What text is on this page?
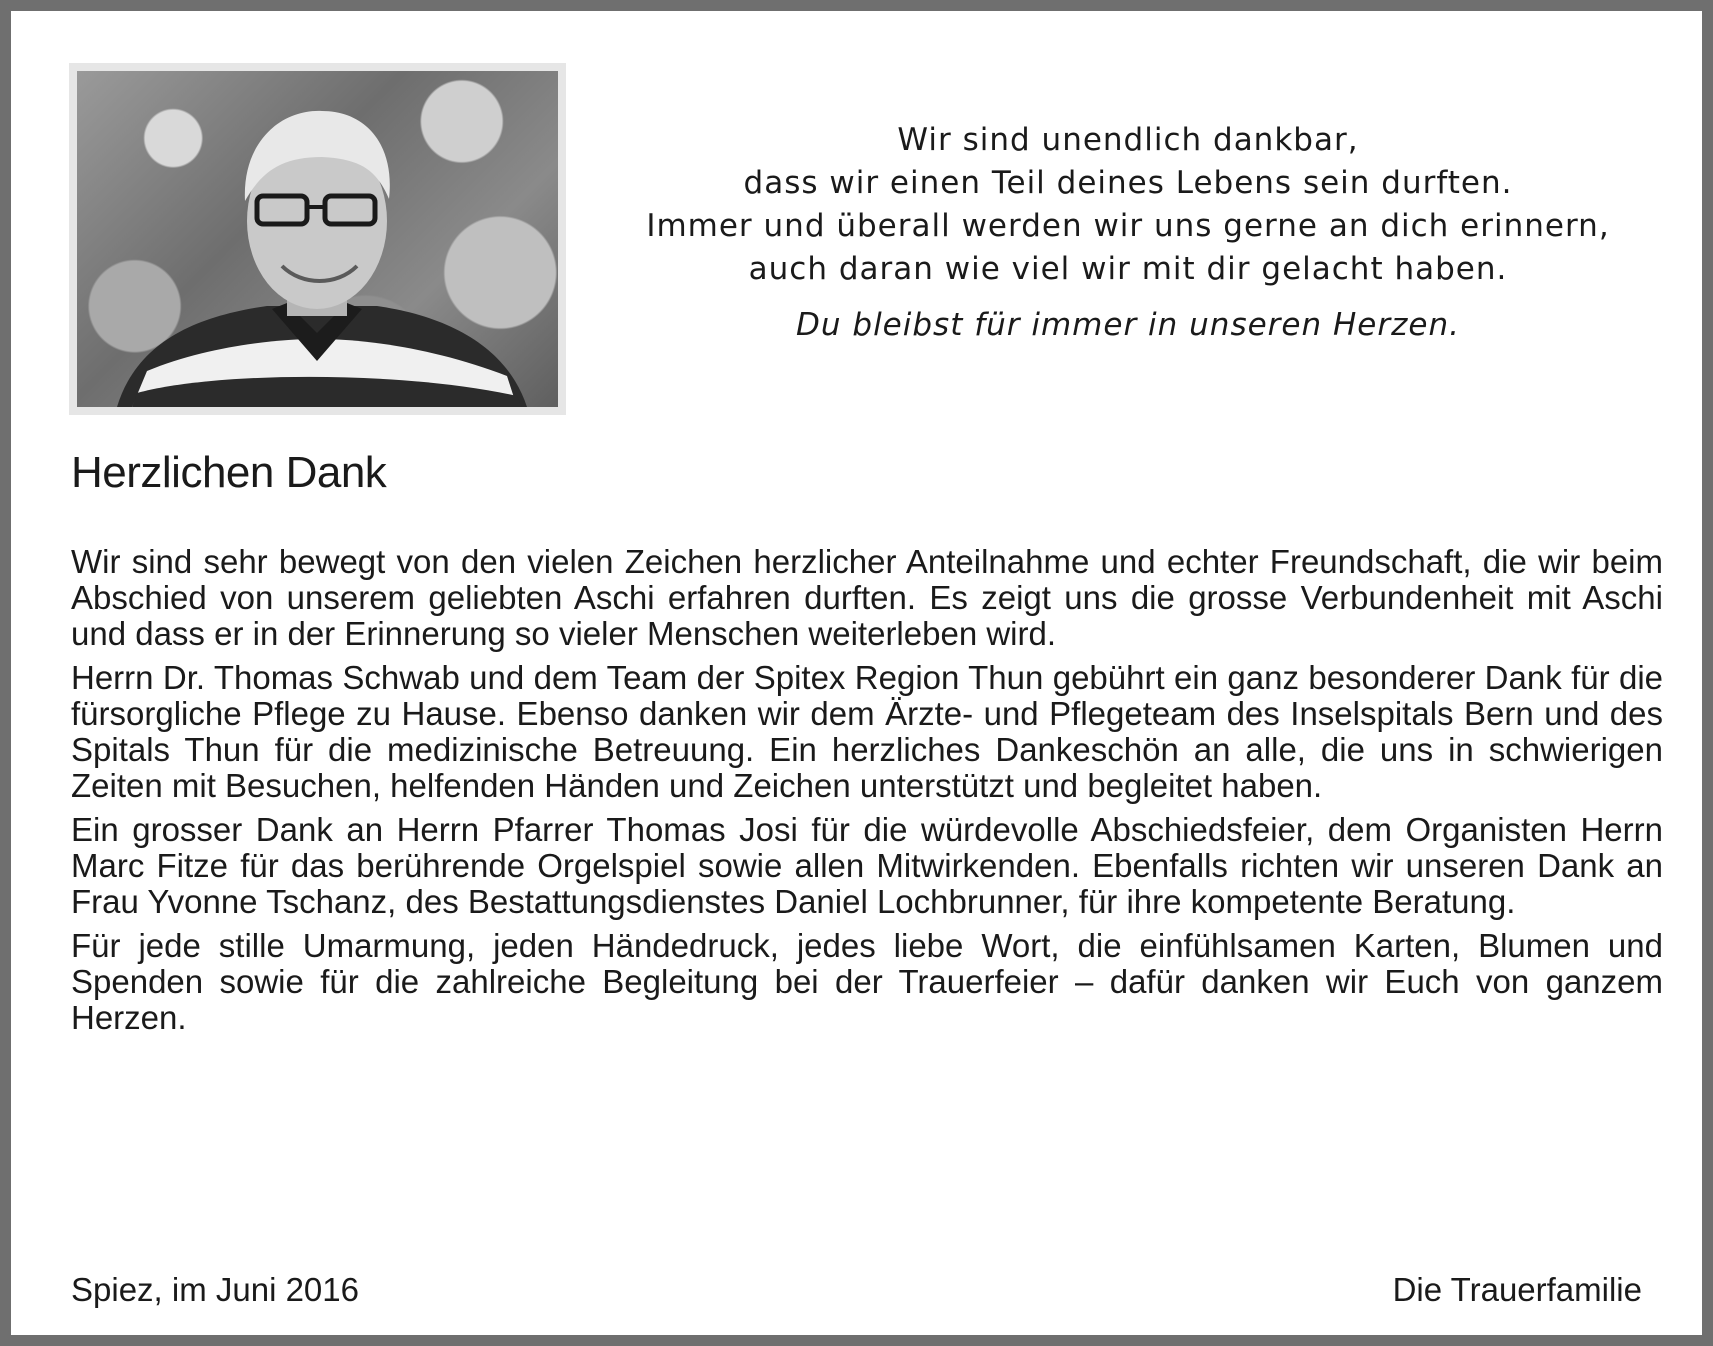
Wir sind unendlich dankbar,
dass wir einen Teil deines Lebens sein durften.
Immer und überall werden wir uns gerne an dich erinnern,
auch daran wie viel wir mit dir gelacht haben.
Du bleibst für immer in unseren Herzen.
Herzlichen Dank

Wir sind sehr bewegt von den vielen Zeichen herzlicher Anteilnahme und echter Freundschaft, die wir beim Abschied von unserem geliebten Aschi erfahren durften. Es zeigt uns die grosse Verbundenheit mit Aschi und dass er in der Erinnerung so vieler Menschen weiterleben wird.

Herrn Dr. Thomas Schwab und dem Team der Spitex Region Thun gebührt ein ganz besonderer Dank für die fürsorgliche Pflege zu Hause. Ebenso danken wir dem Ärzte- und Pflegeteam des Inselspitals Bern und des Spitals Thun für die medizinische Betreuung. Ein herzliches Dankeschön an alle, die uns in schwierigen Zeiten mit Besuchen, helfenden Händen und Zeichen unterstützt und begleitet haben.

Ein grosser Dank an Herrn Pfarrer Thomas Josi für die würdevolle Abschiedsfeier, dem Organisten Herrn Marc Fitze für das berührende Orgelspiel sowie allen Mitwirkenden. Ebenfalls richten wir unseren Dank an Frau Yvonne Tschanz, des Bestattungsdienstes Daniel Lochbrunner, für ihre kompetente Beratung.

Für jede stille Umarmung, jeden Händedruck, jedes liebe Wort, die einfühlsamen Karten, Blumen und Spenden sowie für die zahlreiche Begleitung bei der Trauerfeier – dafür danken wir Euch von ganzem Herzen.

Spiez, im Juni 2016	Die Trauerfamilie
